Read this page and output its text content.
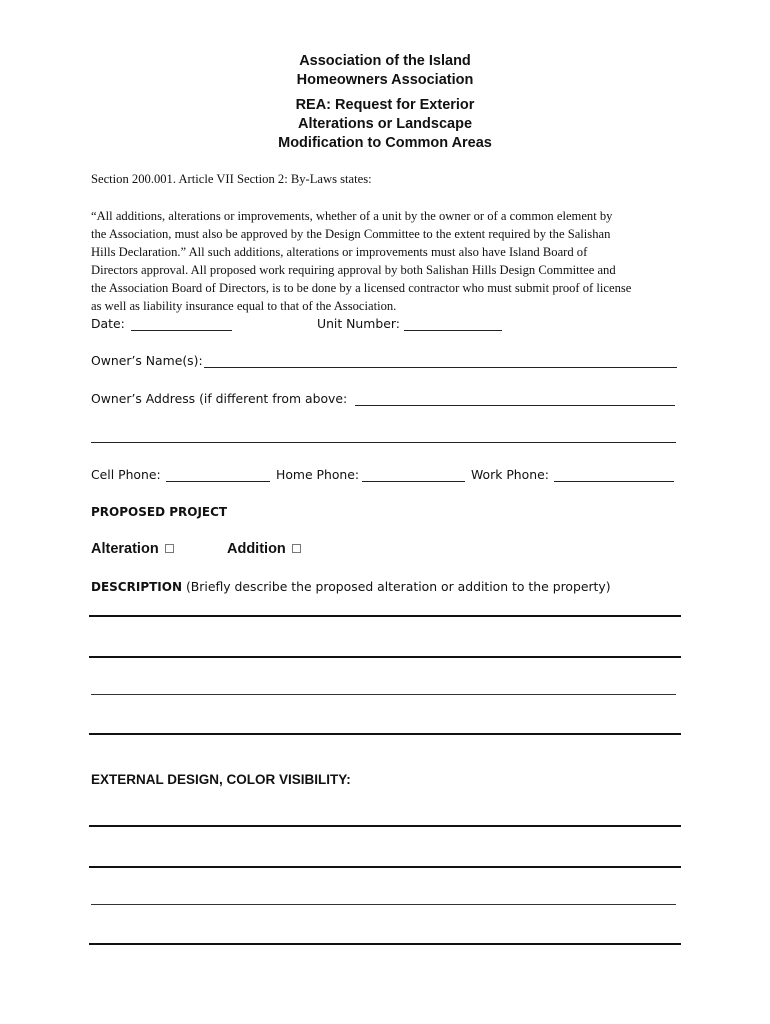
Association of the Island
Homeowners Association
REA: Request for Exterior
Alterations or Landscape
Modification to Common Areas
Section 200.001. Article VII Section 2: By-Laws states:

“All additions, alterations or improvements, whether of a unit by the owner or of a common element by

the Association, must also be approved by the Design Committee to the extent required by the Salishan

Hills Declaration.” All such additions, alterations or improvements must also have Island Board of

Directors approval. All proposed work requiring approval by both Salishan Hills Design Committee and

the Association Board of Directors, is to be done by a licensed contractor who must submit proof of license

as well as liability insurance equal to that of the Association.

Date:	Unit Number:
Owner’s Name(s):
Owner’s Address (if different from above:
Cell Phone:	Home Phone:	Work Phone:
PROPOSED PROJECT
Alteration	Addition
DESCRIPTION (Briefly describe the proposed alteration or addition to the property)
EXTERNAL DESIGN, COLOR VISIBILITY:
